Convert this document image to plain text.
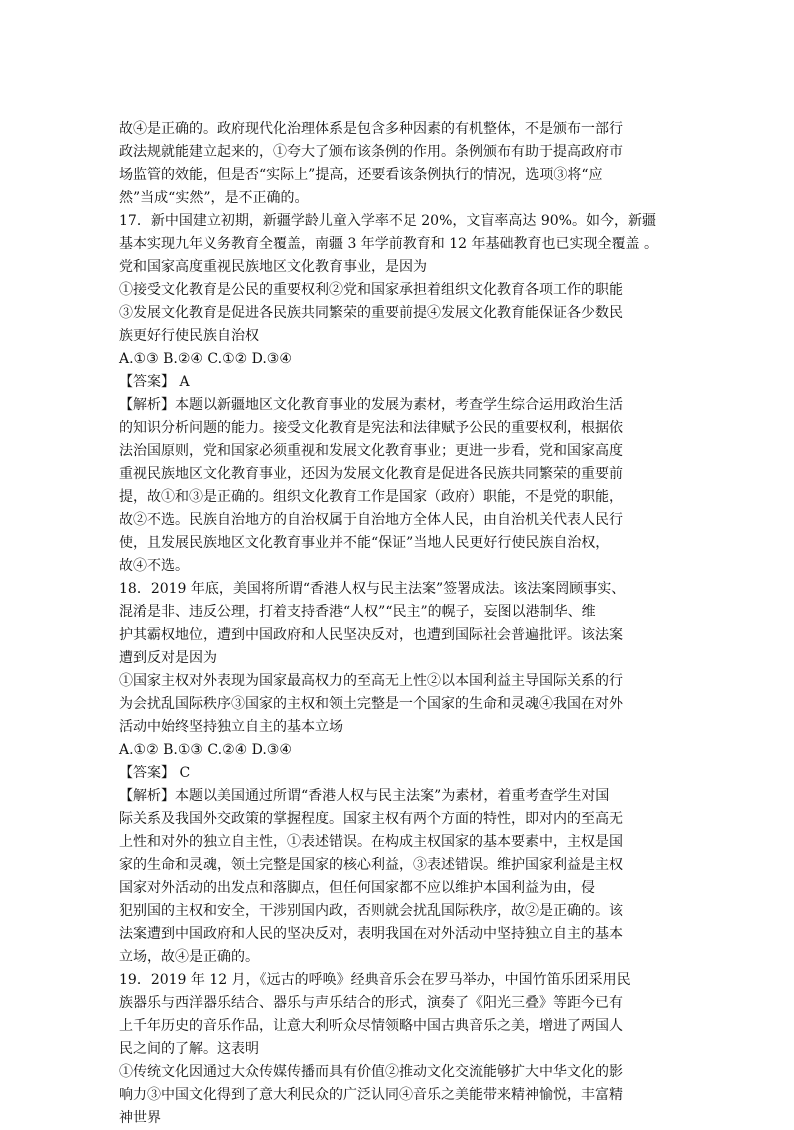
故④是正确的。政府现代化治理体系是包含多种因素的有机整体，不是颁布一部行
政法规就能建立起来的，①夸大了颁布该条例的作用。条例颁布有助于提高政府市
场监管的效能，但是否“实际上”提高，还要看该条例执行的情况，选项③将“应
然”当成“实然”，是不正确的。
17．新中国建立初期，新疆学龄儿童入学率不足 20%，文盲率高达 90%。如今，新疆
基本实现九年义务教育全覆盖，南疆 3 年学前教育和 12 年基础教育也已实现全覆盖 。
党和国家高度重视民族地区文化教育事业，是因为
①接受文化教育是公民的重要权利②党和国家承担着组织文化教育各项工作的职能
③发展文化教育是促进各民族共同繁荣的重要前提④发展文化教育能保证各少数民
族更好行使民族自治权
A.①③ B.②④ C.①② D.③④
【答案】 A
【解析】本题以新疆地区文化教育事业的发展为素材，考查学生综合运用政治生活
的知识分析问题的能力。接受文化教育是宪法和法律赋予公民的重要权利，根据依
法治国原则，党和国家必须重视和发展文化教育事业；更进一步看，党和国家高度
重视民族地区文化教育事业，还因为发展文化教育是促进各民族共同繁荣的重要前
提，故①和③是正确的。组织文化教育工作是国家（政府）职能，不是党的职能，
故②不选。民族自治地方的自治权属于自治地方全体人民，由自治机关代表人民行
使，且发展民族地区文化教育事业并不能“保证”当地人民更好行使民族自治权，
故④不选。
18．2019 年底，美国将所谓“香港人权与民主法案”签署成法。该法案罔顾事实、
混淆是非、违反公理，打着支持香港“人权”“民主”的幌子，妄图以港制华、维
护其霸权地位，遭到中国政府和人民坚决反对，也遭到国际社会普遍批评。该法案
遭到反对是因为
①国家主权对外表现为国家最高权力的至高无上性②以本国利益主导国际关系的行
为会扰乱国际秩序③国家的主权和领土完整是一个国家的生命和灵魂④我国在对外
活动中始终坚持独立自主的基本立场
A.①② B.①③ C.②④ D.③④
【答案】 C
【解析】本题以美国通过所谓“香港人权与民主法案”为素材，着重考查学生对国
际关系及我国外交政策的掌握程度。国家主权有两个方面的特性，即对内的至高无
上性和对外的独立自主性，①表述错误。在构成主权国家的基本要素中，主权是国
家的生命和灵魂，领土完整是国家的核心利益，③表述错误。维护国家利益是主权
国家对外活动的出发点和落脚点，但任何国家都不应以维护本国利益为由，侵
犯别国的主权和安全，干涉别国内政，否则就会扰乱国际秩序，故②是正确的。该
法案遭到中国政府和人民的坚决反对，表明我国在对外活动中坚持独立自主的基本
立场，故④是正确的。
19．2019 年 12 月，《远古的呼唤》经典音乐会在罗马举办，中国竹笛乐团采用民
族器乐与西洋器乐结合、器乐与声乐结合的形式，演奏了《阳光三叠》等距今已有
上千年历史的音乐作品，让意大利听众尽情领略中国古典音乐之美，增进了两国人
民之间的了解。这表明
①传统文化因通过大众传媒传播而具有价值②推动文化交流能够扩大中华文化的影
响力③中国文化得到了意大利民众的广泛认同④音乐之美能带来精神愉悦，丰富精
神世界
